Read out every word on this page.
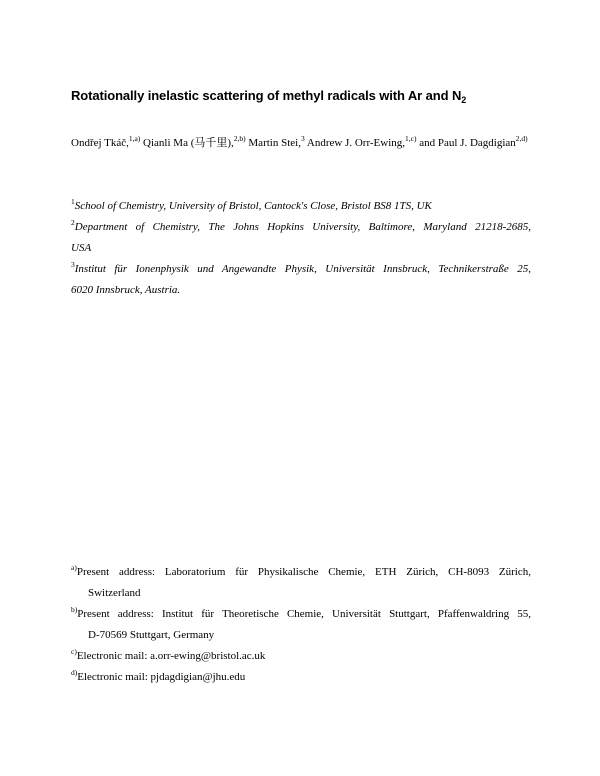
Rotationally inelastic scattering of methyl radicals with Ar and $N_2$
Ondřej Tkáč,$^{1,a)}$ Qianli Ma (马千里),$^{2,b)}$ Martin Stei,$^3$ Andrew J. Orr-Ewing,$^{1,c)}$ and Paul J. Dagdigian$^{2,d)}$

$^1$School of Chemistry, University of Bristol, Cantock's Close, Bristol BS8 1TS, UK

$^2$Department of Chemistry, The Johns Hopkins University, Baltimore, Maryland 21218-2685,
USA

$^3$Institut für Ionenphysik und Angewandte Physik, Universität Innsbruck, Technikerstraße 25,
6020 Innsbruck, Austria.

$^{a)}$Present address: Laboratorium für Physikalische Chemie, ETH Zürich, CH-8093 Zürich,
Switzerland

$^{b)}$Present address: Institut für Theoretische Chemie, Universität Stuttgart, Pfaffenwaldring 55,
D-70569 Stuttgart, Germany

$^{c)}$Electronic mail: a.orr-ewing@bristol.ac.uk

$^{d)}$Electronic mail: pjdagdigian@jhu.edu
